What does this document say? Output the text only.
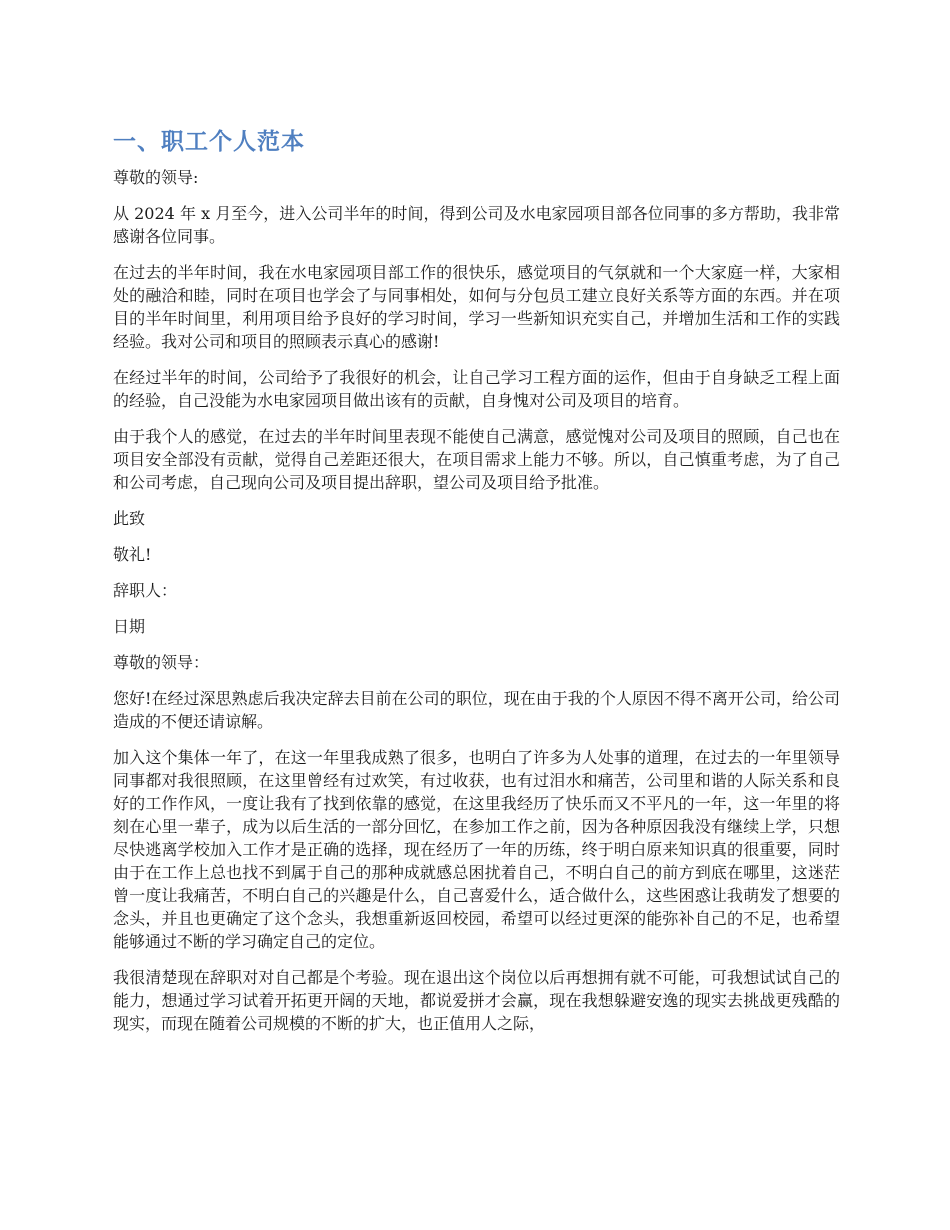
一、职工个人范本

尊敬的领导:

从 2024 年 x 月至今，进入公司半年的时间，得到公司及水电家园项目部各位同事的多方帮助，我非常感谢各位同事。

在过去的半年时间，我在水电家园项目部工作的很快乐，感觉项目的气氛就和一个大家庭一样，大家相处的融洽和睦，同时在项目也学会了与同事相处，如何与分包员工建立良好关系等方面的东西。并在项目的半年时间里，利用项目给予良好的学习时间，学习一些新知识充实自己，并增加生活和工作的实践经验。我对公司和项目的照顾表示真心的感谢!

在经过半年的时间，公司给予了我很好的机会，让自己学习工程方面的运作，但由于自身缺乏工程上面的经验，自己没能为水电家园项目做出该有的贡献，自身愧对公司及项目的培育。

由于我个人的感觉，在过去的半年时间里表现不能使自己满意，感觉愧对公司及项目的照顾，自己也在项目安全部没有贡献，觉得自己差距还很大，在项目需求上能力不够。所以，自己慎重考虑，为了自己和公司考虑，自己现向公司及项目提出辞职，望公司及项目给予批准。

此致

敬礼!

辞职人：

日期

尊敬的领导：

您好!在经过深思熟虑后我决定辞去目前在公司的职位，现在由于我的个人原因不得不离开公司，给公司造成的不便还请谅解。

加入这个集体一年了，在这一年里我成熟了很多，也明白了许多为人处事的道理，在过去的一年里领导同事都对我很照顾，在这里曾经有过欢笑，有过收获，也有过泪水和痛苦，公司里和谐的人际关系和良好的工作作风，一度让我有了找到依靠的感觉，在这里我经历了快乐而又不平凡的一年，这一年里的将刻在心里一辈子，成为以后生活的一部分回忆，在参加工作之前，因为各种原因我没有继续上学，只想尽快逃离学校加入工作才是正确的选择，现在经历了一年的历练，终于明白原来知识真的很重要，同时由于在工作上总也找不到属于自己的那种成就感总困扰着自己，不明白自己的前方到底在哪里，这迷茫曾一度让我痛苦，不明白自己的兴趣是什么，自己喜爱什么，适合做什么，这些困惑让我萌发了想要的念头，并且也更确定了这个念头，我想重新返回校园，希望可以经过更深的能弥补自己的不足，也希望能够通过不断的学习确定自己的定位。

我很清楚现在辞职对对自己都是个考验。现在退出这个岗位以后再想拥有就不可能，可我想试试自己的能力，想通过学习试着开拓更开阔的天地，都说爱拼才会赢，现在我想躲避安逸的现实去挑战更残酷的现实，而现在随着公司规模的不断的扩大，也正值用人之际，
